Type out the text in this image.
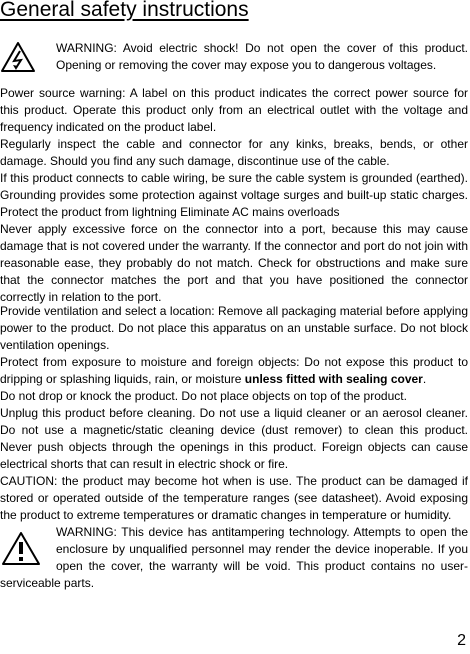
General safety instructions
WARNING: Avoid electric shock! Do not open the cover of this product. Opening or removing the cover may expose you to dangerous voltages.

Power source warning: A label on this product indicates the correct power source for this product. Operate this product only from an electrical outlet with the voltage and frequency indicated on the product label.

Regularly inspect the cable and connector for any kinks, breaks, bends, or other damage. Should you find any such damage, discontinue use of the cable.

If this product connects to cable wiring, be sure the cable system is grounded (earthed). Grounding provides some protection against voltage surges and built-up static charges. Protect the product from lightning Eliminate AC mains overloads

Never apply excessive force on the connector into a port, because this may cause damage that is not covered under the warranty. If the connector and port do not join with reasonable ease, they probably do not match. Check for obstructions and make sure that the connector matches the port and that you have positioned the connector correctly in relation to the port.

Provide ventilation and select a location: Remove all packaging material before applying power to the product. Do not place this apparatus on an unstable surface. Do not block ventilation openings.

Protect from exposure to moisture and foreign objects: Do not expose this product to dripping or splashing liquids, rain, or moisture unless fitted with sealing cover.

Do not drop or knock the product. Do not place objects on top of the product.

Unplug this product before cleaning. Do not use a liquid cleaner or an aerosol cleaner. Do not use a magnetic/static cleaning device (dust remover) to clean this product. Never push objects through the openings in this product. Foreign objects can cause electrical shorts that can result in electric shock or fire.

CAUTION: the product may become hot when is use. The product can be damaged if stored or operated outside of the temperature ranges (see datasheet). Avoid exposing the product to extreme temperatures or dramatic changes in temperature or humidity.

WARNING: This device has antitampering technology. Attempts to open the enclosure by unqualified personnel may render the device inoperable. If you open the cover, the warranty will be void. This product contains no user-serviceable parts.
2
